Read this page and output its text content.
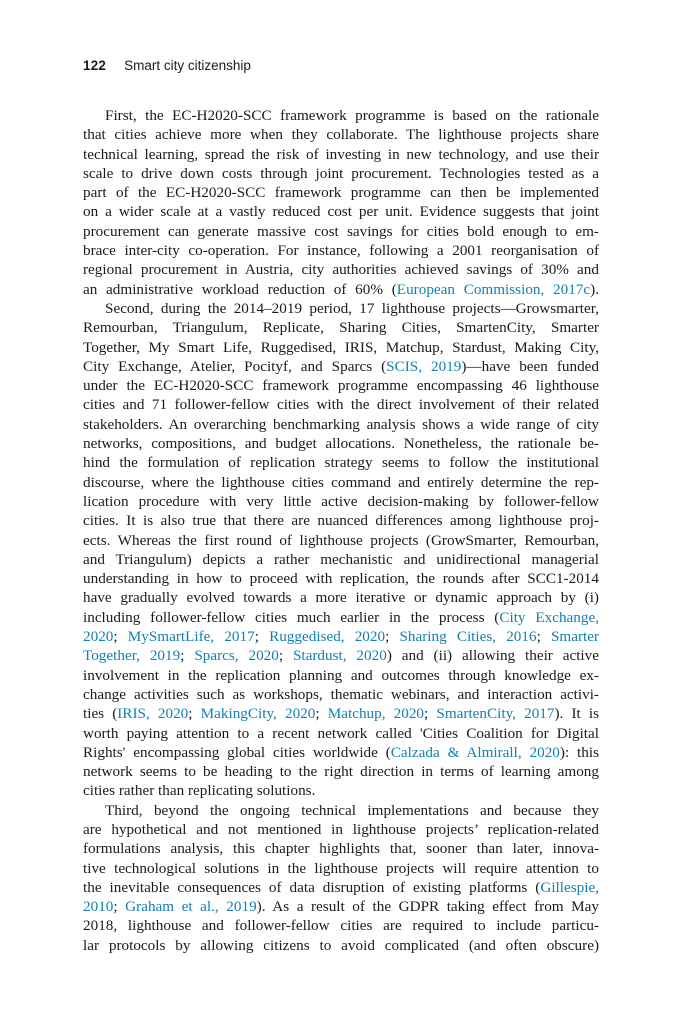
122 Smart city citizenship
First, the EC-H2020-SCC framework programme is based on the rationale
that cities achieve more when they collaborate. The lighthouse projects share
technical learning, spread the risk of investing in new technology, and use their
scale to drive down costs through joint procurement. Technologies tested as a
part of the EC-H2020-SCC framework programme can then be implemented
on a wider scale at a vastly reduced cost per unit. Evidence suggests that joint
procurement can generate massive cost savings for cities bold enough to em-
brace inter-city co-operation. For instance, following a 2001 reorganisation of
regional procurement in Austria, city authorities achieved savings of 30% and
an administrative workload reduction of 60% (European Commission, 2017c).
Second, during the 2014–2019 period, 17 lighthouse projects—Growsmarter,
Remourban, Triangulum, Replicate, Sharing Cities, SmartenCity, Smarter
Together, My Smart Life, Ruggedised, IRIS, Matchup, Stardust, Making City,
City Exchange, Atelier, Pocityf, and Sparcs (SCIS, 2019)—have been funded
under the EC-H2020-SCC framework programme encompassing 46 lighthouse
cities and 71 follower-fellow cities with the direct involvement of their related
stakeholders. An overarching benchmarking analysis shows a wide range of city
networks, compositions, and budget allocations. Nonetheless, the rationale be-
hind the formulation of replication strategy seems to follow the institutional
discourse, where the lighthouse cities command and entirely determine the rep-
lication procedure with very little active decision-making by follower-fellow
cities. It is also true that there are nuanced differences among lighthouse proj-
ects. Whereas the first round of lighthouse projects (GrowSmarter, Remourban,
and Triangulum) depicts a rather mechanistic and unidirectional managerial
understanding in how to proceed with replication, the rounds after SCC1-2014
have gradually evolved towards a more iterative or dynamic approach by (i)
including follower-fellow cities much earlier in the process (City Exchange,
2020; MySmartLife, 2017; Ruggedised, 2020; Sharing Cities, 2016; Smarter
Together, 2019; Sparcs, 2020; Stardust, 2020) and (ii) allowing their active
involvement in the replication planning and outcomes through knowledge ex-
change activities such as workshops, thematic webinars, and interaction activi-
ties (IRIS, 2020; MakingCity, 2020; Matchup, 2020; SmartenCity, 2017). It is
worth paying attention to a recent network called 'Cities Coalition for Digital
Rights' encompassing global cities worldwide (Calzada & Almirall, 2020): this
network seems to be heading to the right direction in terms of learning among
cities rather than replicating solutions.
Third, beyond the ongoing technical implementations and because they
are hypothetical and not mentioned in lighthouse projects’ replication-related
formulations analysis, this chapter highlights that, sooner than later, innova-
tive technological solutions in the lighthouse projects will require attention to
the inevitable consequences of data disruption of existing platforms (Gillespie,
2010; Graham et al., 2019). As a result of the GDPR taking effect from May
2018, lighthouse and follower-fellow cities are required to include particu-
lar protocols by allowing citizens to avoid complicated (and often obscure)
